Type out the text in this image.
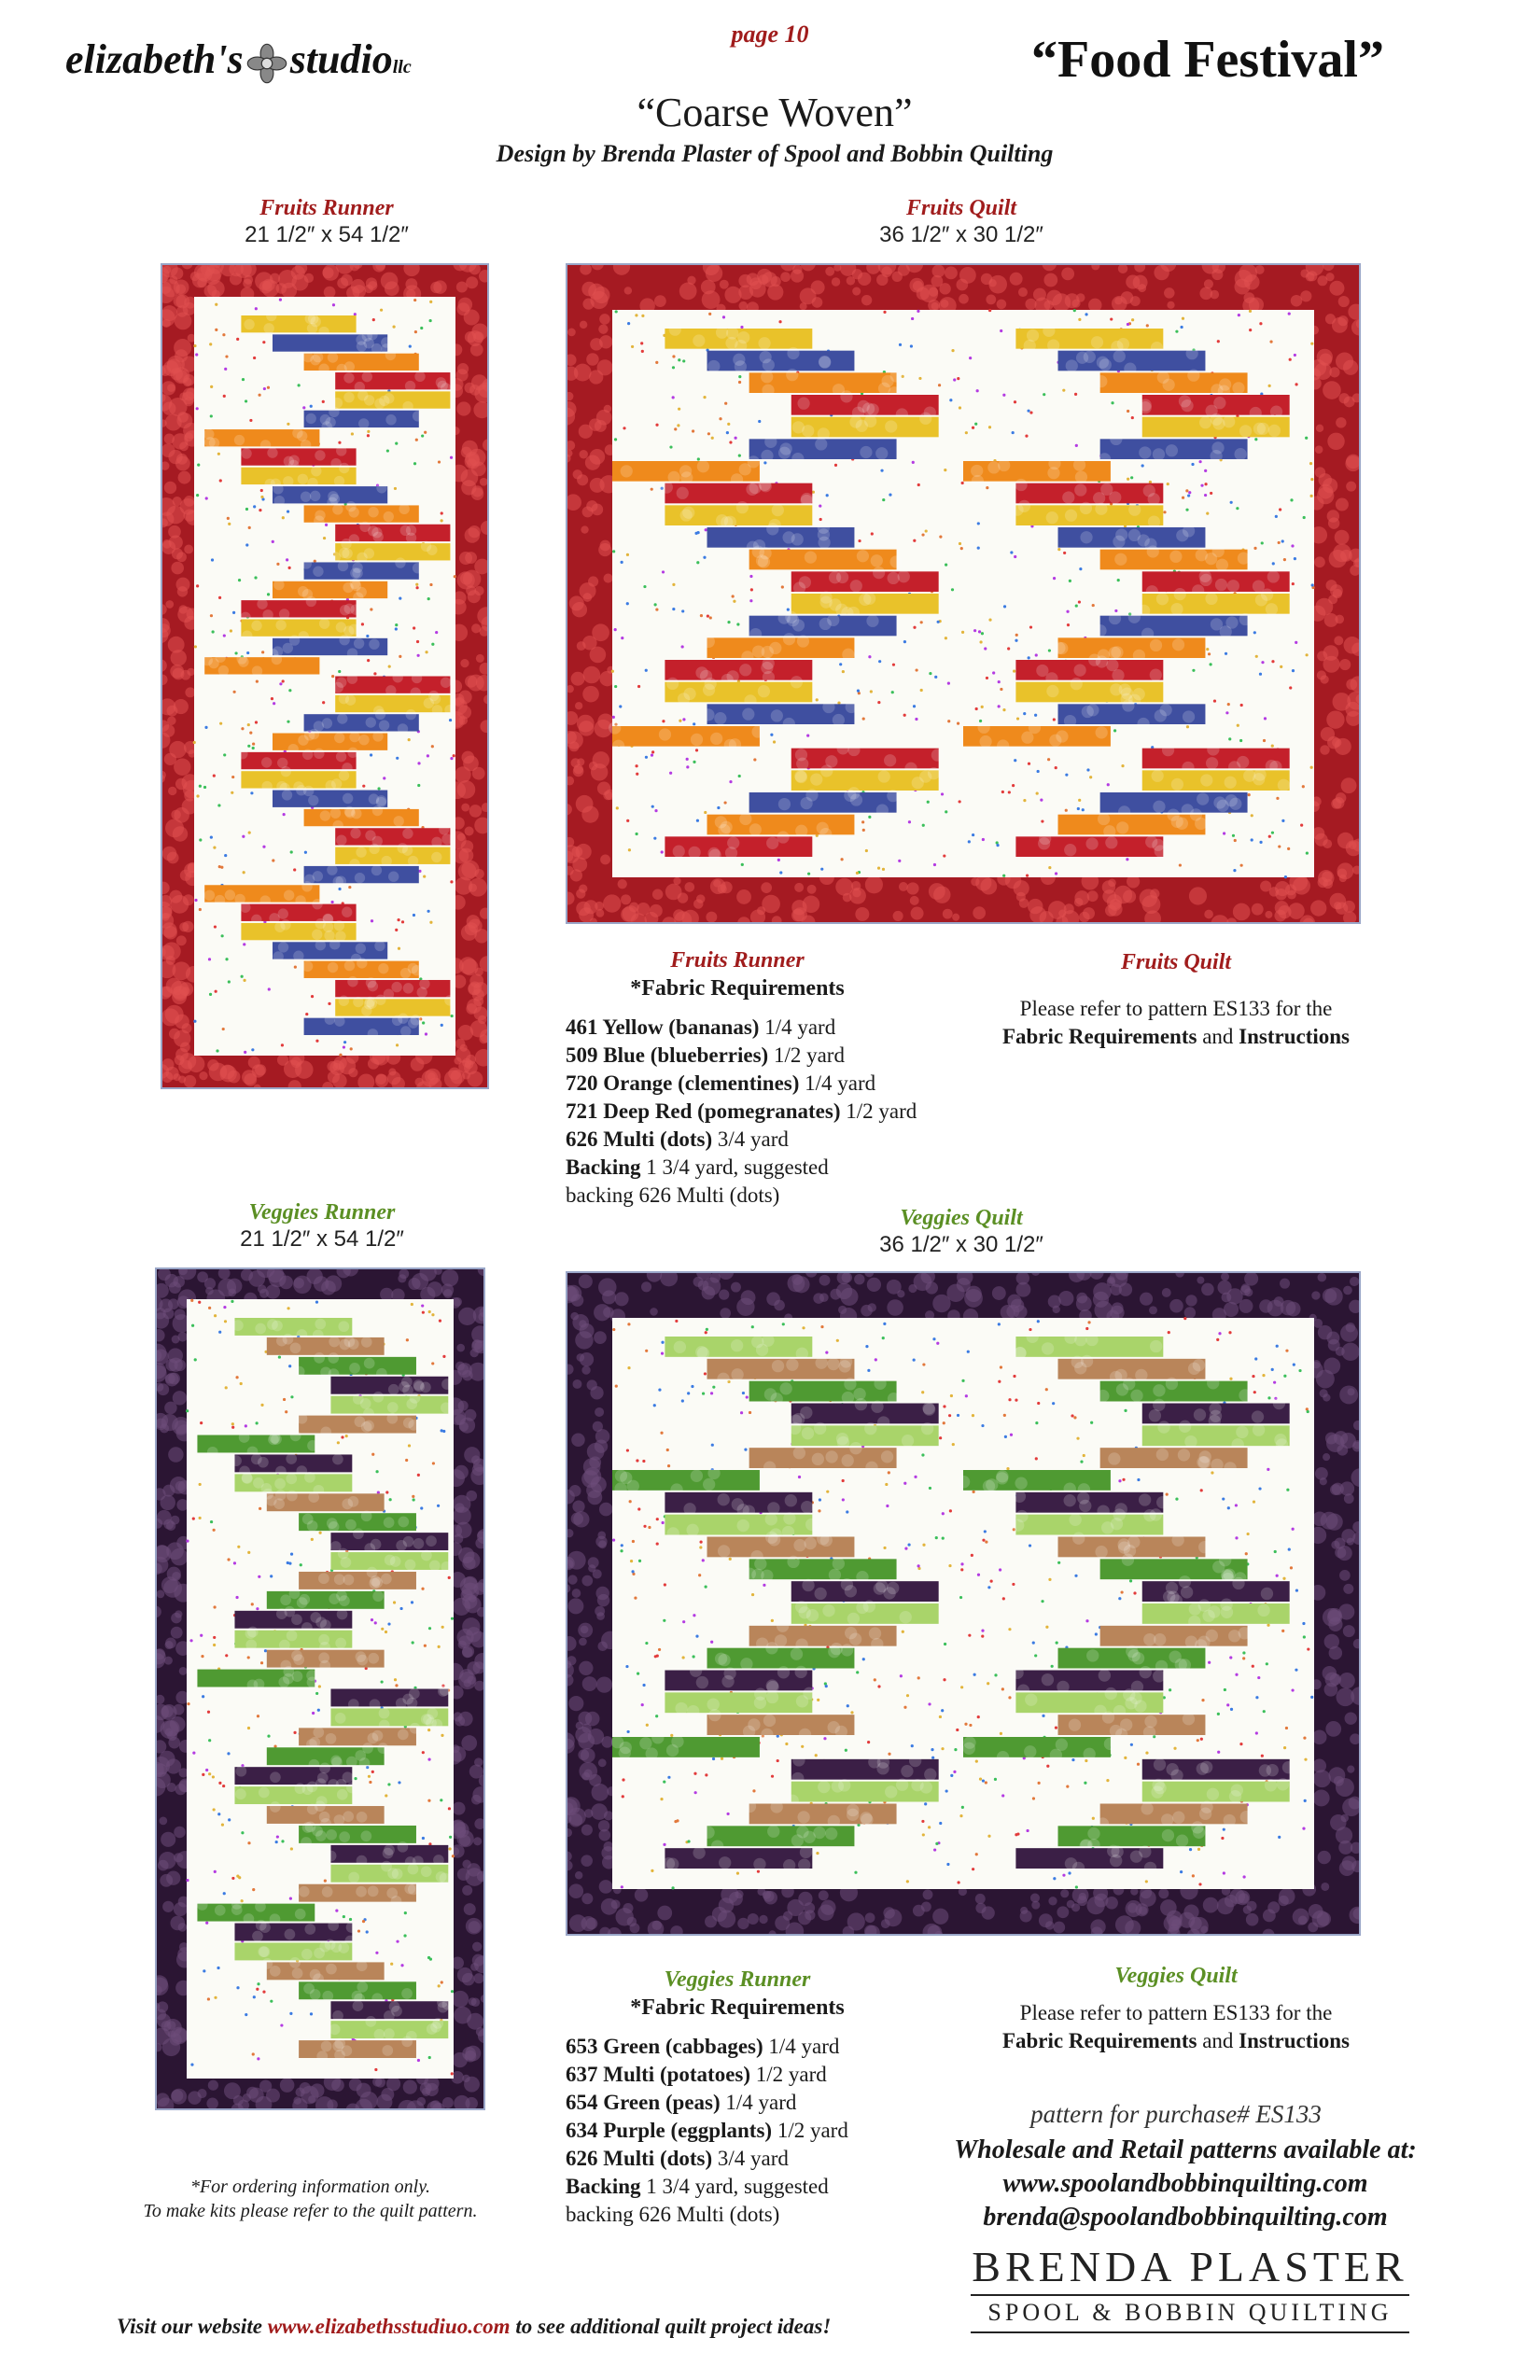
elizabeth's studiollc
page 10	“Food Festival”
“Coarse Woven”
Design by Brenda Plaster of Spool and Bobbin Quilting
Fruits Runner
21 1/2″ x 54 1/2″
Fruits Quilt
36 1/2″ x 30 1/2″
Fruits Runner
*Fabric Requirements
461 Yellow (bananas) 1/4 yard
509 Blue (blueberries) 1/2 yard
720 Orange (clementines) 1/4 yard
721 Deep Red (pomegranates) 1/2 yard
626 Multi (dots) 3/4 yard
Backing 1 3/4 yard, suggested
backing 626 Multi (dots)
Fruits Quilt
Please refer to pattern ES133 for the
Fabric Requirements and Instructions
Veggies Runner
21 1/2″ x 54 1/2″
Veggies Quilt
36 1/2″ x 30 1/2″
Veggies Runner
*Fabric Requirements
653 Green (cabbages) 1/4 yard
637 Multi (potatoes) 1/2 yard
654 Green (peas) 1/4 yard
634 Purple (eggplants) 1/2 yard
626 Multi (dots) 3/4 yard
Backing 1 3/4 yard, suggested
backing 626 Multi (dots)
Veggies Quilt
Please refer to pattern ES133 for the
Fabric Requirements and Instructions
*For ordering information only.
To make kits please refer to the quilt pattern.
pattern for purchase# ES133
Wholesale and Retail patterns available at:
www.spoolandbobbinquilting.com
brenda@spoolandbobbinquilting.com
BRENDA PLASTER
SPOOL & BOBBIN QUILTING
Visit our website www.elizabethsstudiuo.com to see additional quilt project ideas!
